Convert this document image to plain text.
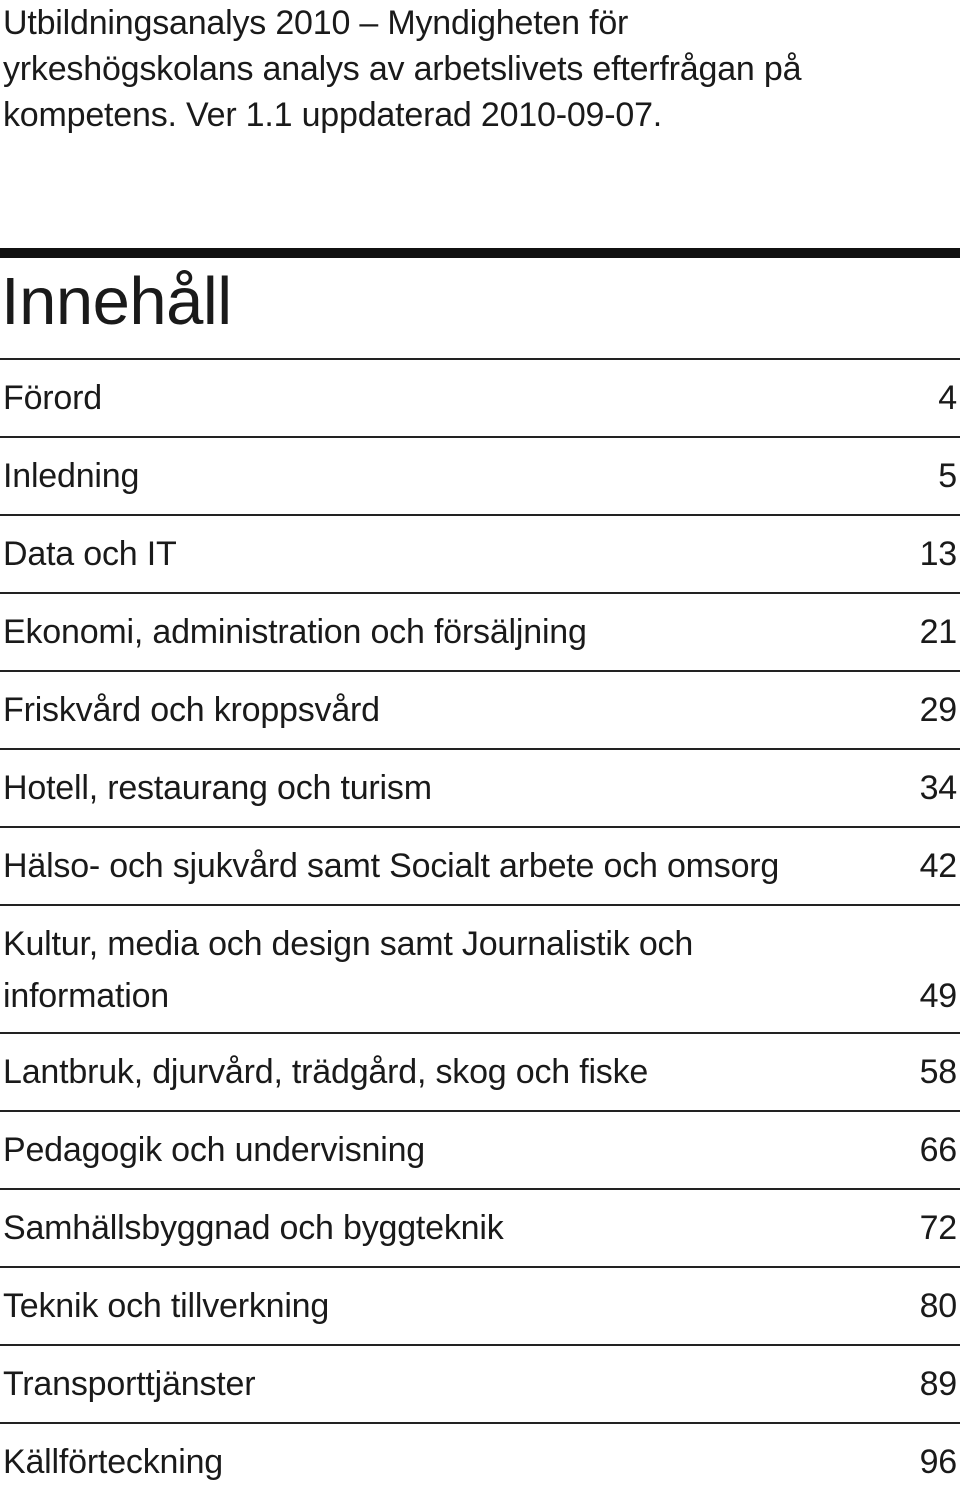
Utbildningsanalys 2010 – Myndigheten för
yrkeshögskolans analys av arbetslivets efterfrågan på
kompetens. Ver 1.1 uppdaterad 2010-09-07.
Innehåll
Förord	4
Inledning	5
Data och IT	13
Ekonomi, administration och försäljning	21
Friskvård och kroppsvård	29
Hotell, restaurang och turism	34
Hälso- och sjukvård samt Socialt arbete och omsorg	42
Kultur, media och design samt Journalistik och information	49
Lantbruk, djurvård, trädgård, skog och fiske	58
Pedagogik och undervisning	66
Samhällsbyggnad och byggteknik	72
Teknik och tillverkning	80
Transporttjänster	89
Källförteckning	96
